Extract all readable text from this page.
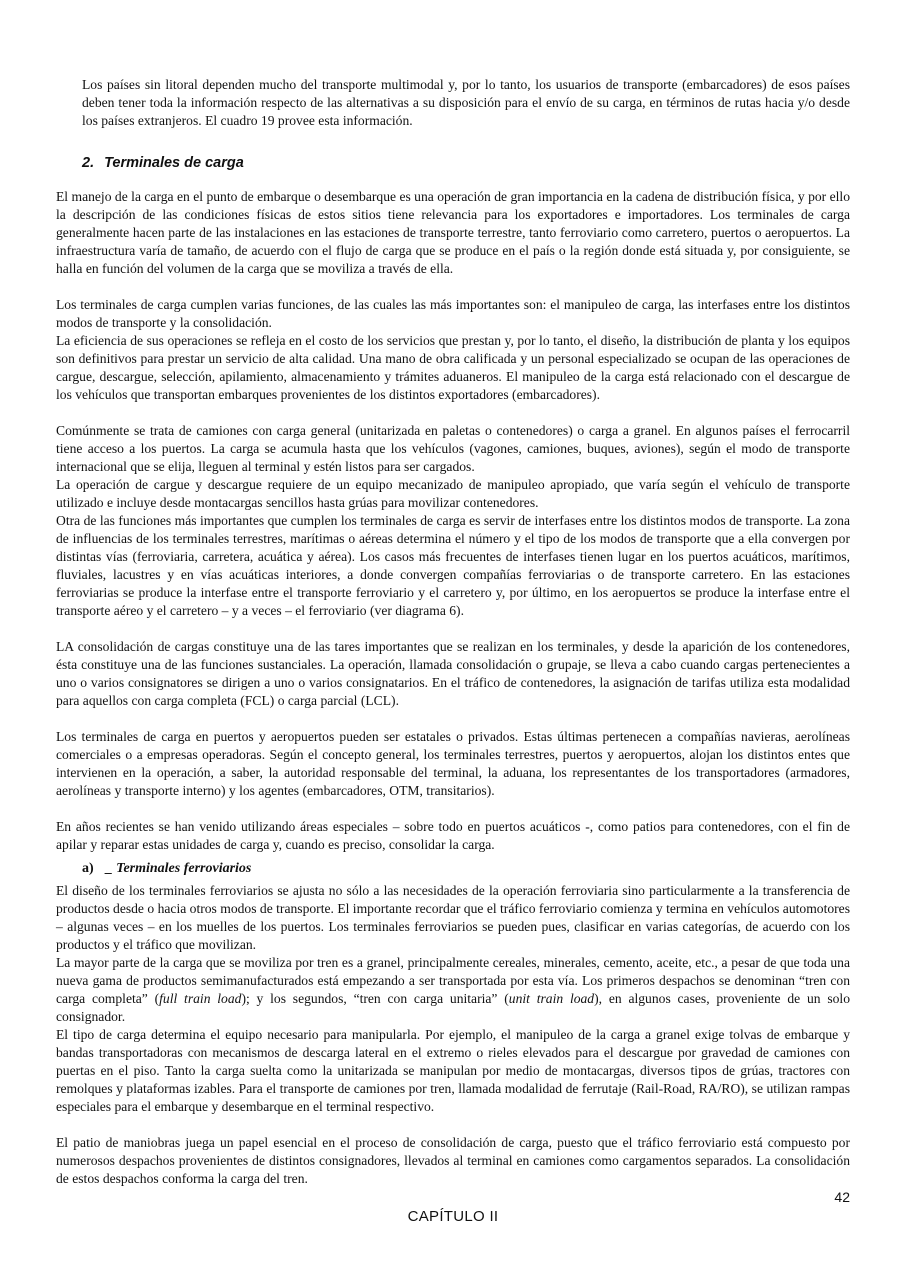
Los países sin litoral dependen mucho del transporte multimodal y, por lo tanto, los usuarios de transporte (embarcadores) de esos países deben tener toda la información respecto de las alternativas a su disposición para el envío de su carga, en términos de rutas hacia y/o desde los países extranjeros. El cuadro 19 provee esta información.

2. Terminales de carga

El manejo de la carga en el punto de embarque o desembarque es una operación de gran importancia en la cadena de distribución física, y por ello la descripción de las condiciones físicas de estos sitios tiene relevancia para los exportadores e importadores. Los terminales de carga generalmente hacen parte de las instalaciones en las estaciones de transporte terrestre, tanto ferroviario como carretero, puertos o aeropuertos. La infraestructura varía de tamaño, de acuerdo con el flujo de carga que se produce en el país o la región donde está situada y, por consiguiente, se halla en función del volumen de la carga que se moviliza a través de ella.

Los terminales de carga cumplen varias funciones, de las cuales las más importantes son: el manipuleo de carga, las interfases entre los distintos modos de transporte y la consolidación.

La eficiencia de sus operaciones se refleja en el costo de los servicios que prestan y, por lo tanto, el diseño, la distribución de planta y los equipos son definitivos para prestar un servicio de alta calidad. Una mano de obra calificada y un personal especializado se ocupan de las operaciones de cargue, descargue, selección, apilamiento, almacenamiento y trámites aduaneros. El manipuleo de la carga está relacionado con el descargue de los vehículos que transportan embarques provenientes de los distintos exportadores (embarcadores).

Comúnmente se trata de camiones con carga general (unitarizada en paletas o contenedores) o carga a granel. En algunos países el ferrocarril tiene acceso a los puertos. La carga se acumula hasta que los vehículos (vagones, camiones, buques, aviones), según el modo de transporte internacional que se elija, lleguen al terminal y estén listos para ser cargados.

La operación de cargue y descargue requiere de un equipo mecanizado de manipuleo apropiado, que varía según el vehículo de transporte utilizado e incluye desde montacargas sencillos hasta grúas para movilizar contenedores.

Otra de las funciones más importantes que cumplen los terminales de carga es servir de interfases entre los distintos modos de transporte. La zona de influencias de los terminales terrestres, marítimas o aéreas determina el número y el tipo de los modos de transporte que a ella convergen por distintas vías (ferroviaria, carretera, acuática y aérea). Los casos más frecuentes de interfases tienen lugar en los puertos acuáticos, marítimos, fluviales, lacustres y en vías acuáticas interiores, a donde convergen compañías ferroviarias o de transporte carretero. En las estaciones ferroviarias se produce la interfase entre el transporte ferroviario y el carretero y, por último, en los aeropuertos se produce la interfase entre el transporte aéreo y el carretero – y a veces – el ferroviario (ver diagrama 6).

LA consolidación de cargas constituye una de las tares importantes que se realizan en los terminales, y desde la aparición de los contenedores, ésta constituye una de las funciones sustanciales. La operación, llamada consolidación o grupaje, se lleva a cabo cuando cargas pertenecientes a uno o varios consignatores se dirigen a uno o varios consignatarios. En el tráfico de contenedores, la asignación de tarifas utiliza esta modalidad para aquellos con carga completa (FCL) o carga parcial (LCL).

Los terminales de carga en puertos y aeropuertos pueden ser estatales o privados. Estas últimas pertenecen a compañías navieras, aerolíneas comerciales o a empresas operadoras. Según el concepto general, los terminales terrestres, puertos y aeropuertos, alojan los distintos entes que intervienen en la operación, a saber, la autoridad responsable del terminal, la aduana, los representantes de los transportadores (armadores, aerolíneas y transporte interno) y los agentes (embarcadores, OTM, transitarios).

En años recientes se han venido utilizando áreas especiales – sobre todo en puertos acuáticos -, como patios para contenedores, con el fin de apilar y reparar estas unidades de carga y, cuando es preciso, consolidar la carga.

a) _ Terminales ferroviarios

El diseño de los terminales ferroviarios se ajusta no sólo a las necesidades de la operación ferroviaria sino particularmente a la transferencia de productos desde o hacia otros modos de transporte. El importante recordar que el tráfico ferroviario comienza y termina en vehículos automotores – algunas veces – en los muelles de los puertos. Los terminales ferroviarios se pueden pues, clasificar en varias categorías, de acuerdo con los productos y el tráfico que movilizan.

La mayor parte de la carga que se moviliza por tren es a granel, principalmente cereales, minerales, cemento, aceite, etc., a pesar de que toda una nueva gama de productos semimanufacturados está empezando a ser transportada por esta vía. Los primeros despachos se denominan “tren con carga completa” (full train load); y los segundos, “tren con carga unitaria” (unit train load), en algunos cases, proveniente de un solo consignador.

El tipo de carga determina el equipo necesario para manipularla. Por ejemplo, el manipuleo de la carga a granel exige tolvas de embarque y bandas transportadoras con mecanismos de descarga lateral en el extremo o rieles elevados para el descargue por gravedad de camiones con puertas en el piso. Tanto la carga suelta como la unitarizada se manipulan por medio de montacargas, diversos tipos de grúas, tractores con remolques y plataformas izables. Para el transporte de camiones por tren, llamada modalidad de ferrutaje (Rail-Road, RA/RO), se utilizan rampas especiales para el embarque y desembarque en el terminal respectivo.

El patio de maniobras juega un papel esencial en el proceso de consolidación de carga, puesto que el tráfico ferroviario está compuesto por numerosos despachos provenientes de distintos consignadores, llevados al terminal en camiones como cargamentos separados. La consolidación de estos despachos conforma la carga del tren.

42
CAPÍTULO II
